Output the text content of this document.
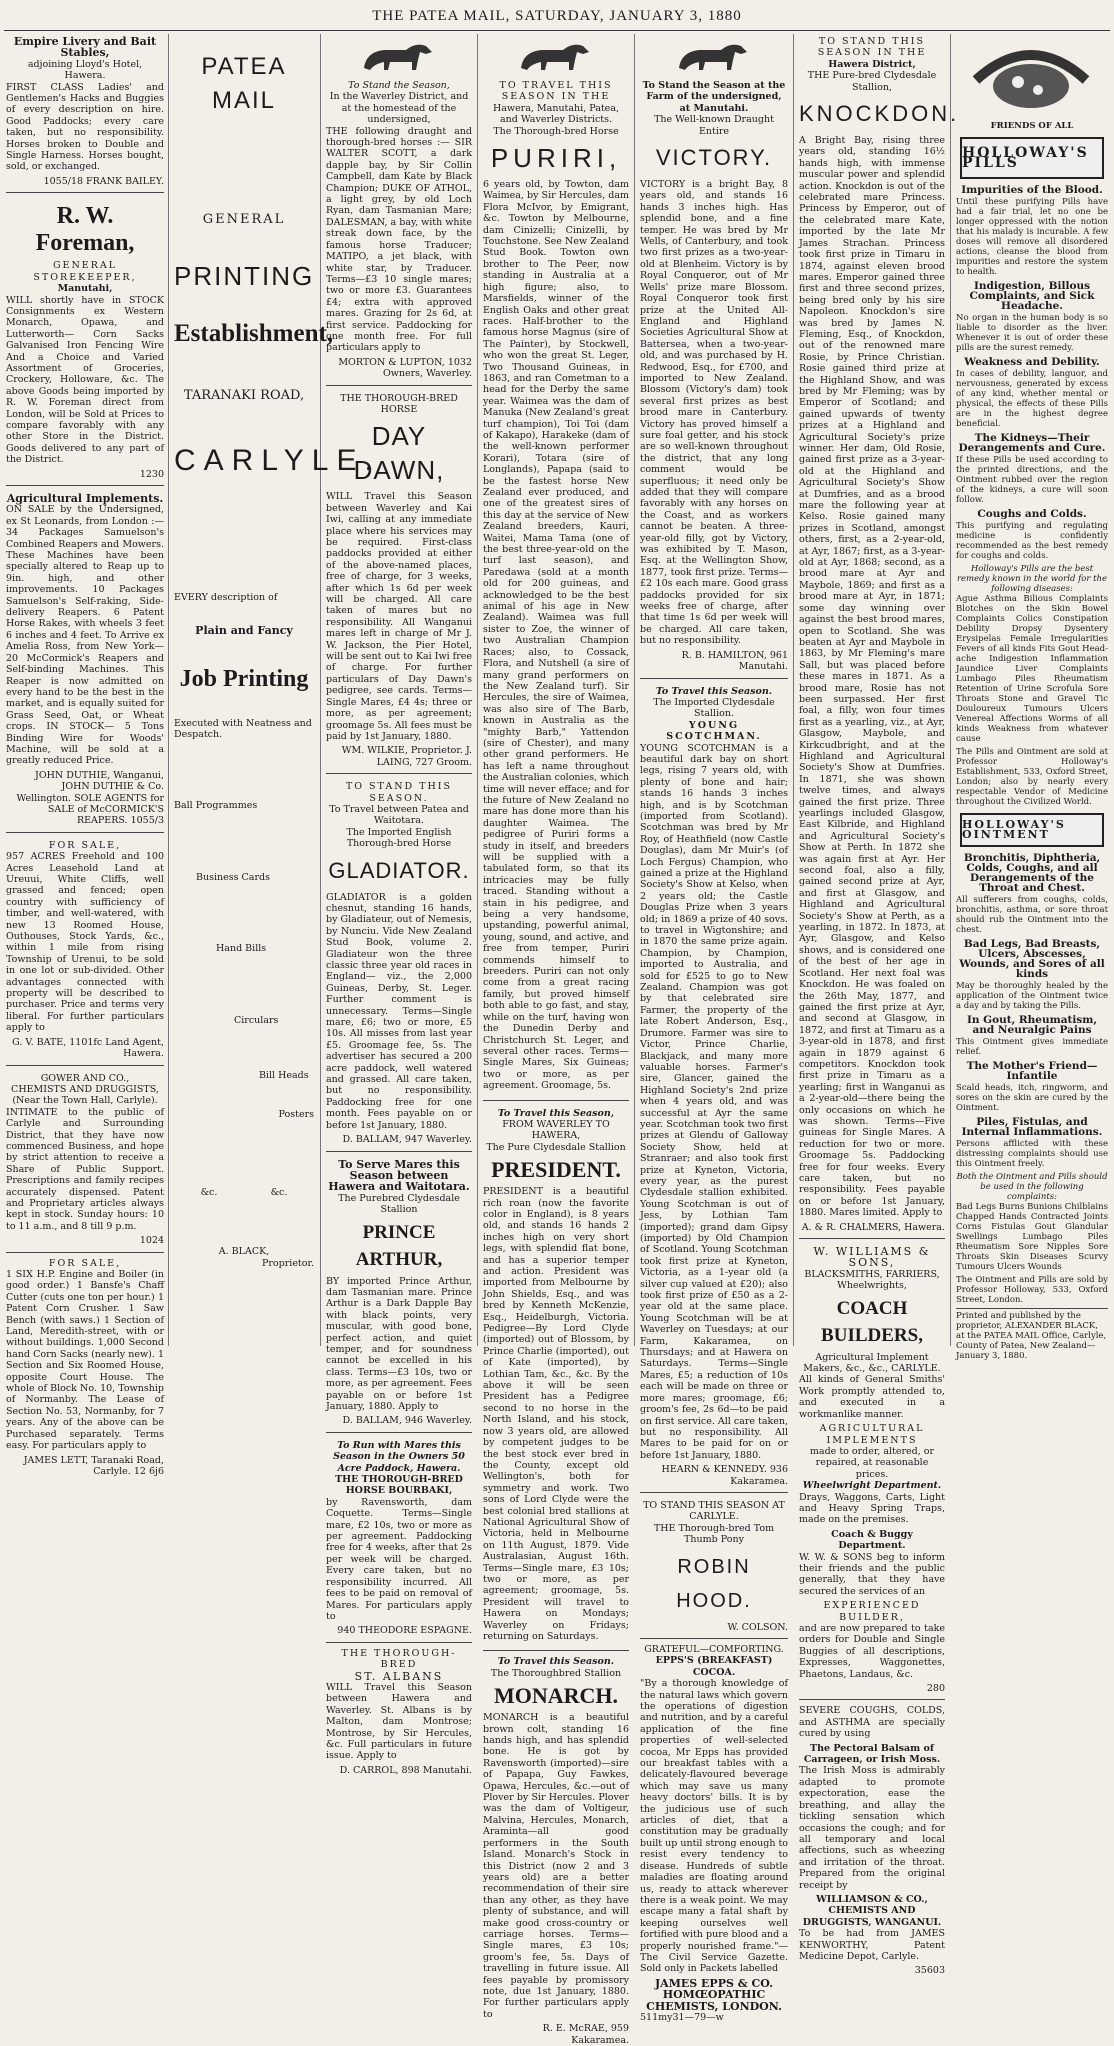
THE PATEA MAIL, SATURDAY, JANUARY 3, 1880
Empire Livery and Bait Stables,
adjoining Lloyd's Hotel, Hawera.

FIRST CLASS Ladies' and Gentlemen's Hacks and Buggies of every description on hire. Good Paddocks; every care taken, but no responsibility. Horses broken to Double and Single Harness. Horses bought, sold, or exchanged.

1055/18 FRANK BAILEY.
R. W. Foreman,
GENERAL STOREKEEPER,
Manutahi,

WILL shortly have in STOCK Consignments ex Western Monarch, Opawa, and Lutterworth— Corn Sacks Galvanised Iron Fencing Wire And a Choice and Varied Assortment of Groceries, Crockery, Holloware, &c. The above Goods being imported by R. W. Foreman direct from London, will be Sold at Prices to compare favorably with any other Store in the District. Goods delivered to any part of the District.

1230
Agricultural Implements.

ON SALE by the Undersigned, ex St Leonards, from London :— 34 Packages Samuelson's Combined Reapers and Mowers. These Machines have been specially altered to Reap up to 9in. high, and other improvements. 10 Packages Samuelson's Self-raking, Side-delivery Reapers. 6 Patent Horse Rakes, with wheels 3 feet 6 inches and 4 feet. To Arrive ex Amelia Ross, from New York— 20 McCormick's Reapers and Self-binding Machines. This Reaper is now admitted on every hand to be the best in the market, and is equally suited for Grass Seed, Oat, or Wheat crops. IN STOCK— 5 Tons Binding Wire for Woods' Machine, will be sold at a greatly reduced Price.

JOHN DUTHIE, Wanganui, JOHN DUTHIE & Co. Wellington. SOLE AGENTS for SALE of McCORMICK'S REAPERS. 1055/3
FOR SALE,

957 ACRES Freehold and 100 Acres Leasehold Land at Ureuui, White Cliffs, well grassed and fenced; open country with sufficiency of timber, and well-watered, with new 13 Roomed House, Outhouses, Stock Yards, &c., within 1 mile from rising Township of Urenui, to be sold in one lot or sub-divided. Other advantages connected with property will be described to purchaser. Price and terms very liberal. For further particulars apply to

G. V. BATE, 1101fc Land Agent, Hawera.
GOWER AND CO.,
CHEMISTS AND DRUGGISTS,
(Near the Town Hall, Carlyle).

INTIMATE to the public of Carlyle and Surrounding District, that they have now commenced Business, and hope by strict attention to receive a Share of Public Support. Prescriptions and family recipes accurately dispensed. Patent and Proprietary articles always kept in stock. Sunday hours: 10 to 11 a.m., and 8 till 9 p.m.

1024
FOR SALE,

1 SIX H.P. Engine and Boiler (in good order.) 1 Bansfe's Chaff Cutter (cuts one ton per hour.) 1 Patent Corn Crusher. 1 Saw Bench (with saws.) 1 Section of Land, Meredith-street, with or without buildings. 1,000 Second hand Corn Sacks (nearly new). 1 Section and Six Roomed House, opposite Court House. The whole of Block No. 10, Township of Normanby. The Lease of Section No. 53, Normanby, for 7 years. Any of the above can be Purchased separately. Terms easy. For particulars apply to

JAMES LETT, Taranaki Road, Carlyle. 12 6j6
PATEA MAIL
GENERAL
PRINTING
Establishment,
TARANAKI ROAD,
CARLYLE.
EVERY description of
Plain and Fancy
Job Printing
Executed with Neatness and Despatch.
Ball Programmes
Business Cards
Hand Bills
Circulars
Bill Heads
Posters
&c.	&c.
A. BLACK,
Proprietor.
To Stand the Season,
In the Waverley District, and at the homestead of the undersigned,

THE following draught and thorough-bred horses :— SIR WALTER SCOTT, a dark dapple bay, by Sir Collin Campbell, dam Kate by Black Champion; DUKE OF ATHOL, a light grey, by old Loch Ryan, dam Tasmanian Mare; DALESMAN, a bay, with white streak down face, by the famous horse Traducer; MATIPO, a jet black, with white star, by Traducer. Terms—£3 10 single mares; two or more £3. Guarantees £4; extra with approved mares. Grazing for 2s 6d, at first service. Paddocking for one month free. For full particulars apply to

MORTON & LUPTON, 1032 Owners, Waverley.
THE THOROUGH-BRED HORSE
DAY DAWN,

WILL Travel this Season between Waverley and Kai Iwi, calling at any immediate place where his services may be required. First-class paddocks provided at either of the above-named places, free of charge, for 3 weeks, after which 1s 6d per week will be charged. All care taken of mares but no responsibility. All Wanganui mares left in charge of Mr J. W. Jackson, the Pier Hotel, will be sent out to Kai Iwi free of charge. For further particulars of Day Dawn's pedigree, see cards. Terms—Single Mares, £4 4s; three or more, as per agreement; groomage 5s. All fees must be paid by 1st January, 1880.

WM. WILKIE, Proprietor. J. LAING, 727 Groom.
TO STAND THIS SEASON.
To Travel between Patea and Waitotara.
The Imported English Thorough-bred Horse
GLADIATOR.

GLADIATOR is a golden chesnut, standing 16 hands, by Gladiateur, out of Nemesis, by Nunciu. Vide New Zealand Stud Book, volume 2. Gladiateur won the three classic three year old races in England— viz., the 2,000 Guineas, Derby, St. Leger. Further comment is unnecessary. Terms—Single mare, £6; two or more, £5 10s. All misses from last year £5. Groomage fee, 5s. The advertiser has secured a 200 acre paddock, well watered and grassed. All care taken, but no responsibility. Paddocking free for one month. Fees payable on or before 1st January, 1880.

D. BALLAM, 947 Waverley.
To Serve Mares this Season between Hawera and Waitotara.
The Purebred Clydesdale Stallion
PRINCE ARTHUR,

BY imported Prince Arthur, dam Tasmanian mare. Prince Arthur is a Dark Dapple Bay with black points, very muscular, with good bone, perfect action, and quiet temper, and for soundness cannot be excelled in his class. Terms—£3 10s, two or more, as per agreement. Fees payable on or before 1st January, 1880. Apply to

D. BALLAM, 946 Waverley.
To Run with Mares this Season in the Owners 50 Acre Paddock, Hawera.
THE THOROUGH-BRED HORSE BOURBAKI,

by Ravensworth, dam Coquette. Terms—Single mare, £2 10s, two or more as per agreement. Paddocking free for 4 weeks, after that 2s per week will be charged. Every care taken, but no responsibility incurred. All fees to be paid on removal of Mares. For particulars apply to

940 THEODORE ESPAGNE.
THE THOROUGH-BRED
ST. ALBANS

WILL Travel this Season between Hawera and Waverley. St. Albans is by Malton, dam Montrose; Montrose, by Sir Hercules, &c. Full particulars in future issue. Apply to

D. CARROL, 898 Manutahi.
TO TRAVEL THIS SEASON IN THE
Hawera, Manutahi, Patea, and Waverley Districts.
The Thorough-bred Horse
PURIRI,

6 years old, by Towton, dam Waimea, by Sir Hercules, dam Flora McIvor, by Emigrant, &c. Towton by Melbourne, dam Cinizelli; Cinizelli, by Touchstone. See New Zealand Stud Book. Towton own brother to The Peer, now standing in Australia at a high figure; also, to Marsfields, winner of the English Oaks and other great races. Half-brother to the famous horse Magnus (sire of The Painter), by Stockwell, who won the great St. Leger, Two Thousand Guineas, in 1863, and ran Cometman to a head for the Derby the same year. Waimea was the dam of Manuka (New Zealand's great turf champion), Toi Toi (dam of Kakapo), Harakeke (dam of the well-known performer Korari), Totara (sire of Longlands), Papapa (said to be the fastest horse New Zealand ever produced, and one of the greatest sires of this day at the service of New Zealand breeders, Kauri, Waitei, Mama Tama (one of the best three-year-old on the turf last season), and Paredawa (sold at a month old for 200 guineas, and acknowledged to be the best animal of his age in New Zealand). Waimea was full sister to Zoe, the winner of two Australian Champion Races; also, to Cossack, Flora, and Nutshell (a sire of many grand performers on the New Zealand turf). Sir Hercules, the sire of Waimea, was also sire of The Barb, known in Australia as the "mighty Barb," Yattendon (sire of Chester), and many other grand performers. He has left a name throughout the Australian colonies, which time will never efface; and for the future of New Zealand no mare has done more than his daughter Waimea. The pedigree of Puriri forms a study in itself, and breeders will be supplied with a tabulated form, so that its intricacies may be fully traced. Standing without a stain in his pedigree, and being a very handsome, upstanding, powerful animal, young, sound, and active, and free from temper, Puriri commends himself to breeders. Puriri can not only come from a great racing family, but proved himself both able to go fast, and stay, while on the turf, having won the Dunedin Derby and Christchurch St. Leger, and several other races. Terms—Single Mares, Six Guineas; two or more, as per agreement. Groomage, 5s.

To Travel this Season,
FROM WAVERLEY TO HAWERA,
The Pure Clydesdale Stallion
PRESIDENT.

PRESIDENT is a beautiful rich roan (now the favorite color in England), is 8 years old, and stands 16 hands 2 inches high on very short legs, with splendid flat bone, and has a superior temper and action. President was imported from Melbourne by John Shields, Esq., and was bred by Kenneth McKenzie, Esq., Heidelburgh, Victoria. Pedigree—By Lord Clyde (imported) out of Blossom, by Prince Charlie (imported), out of Kate (imported), by Lothian Tam, &c., &c. By the above it will be seen President has a Pedigree second to no horse in the North Island, and his stock, now 3 years old, are allowed by competent judges to be the best stock ever bred in the County, except old Wellington's, both for symmetry and work. Two sons of Lord Clyde were the best colonial bred stallions at National Agricultural Show of Victoria, held in Melbourne on 11th August, 1879. Vide Australasian, August 16th. Terms—Single mare, £3 10s; two or more, as per agreement; groomage, 5s. President will travel to Hawera on Mondays; Waverley on Fridays; returning on Saturdays.

To Travel this Season.
The Thoroughbred Stallion
MONARCH.

MONARCH is a beautiful brown colt, standing 16 hands high, and has splendid bone. He is got by Ravensworth (imported)—sire of Papapa, Guy Fawkes, Opawa, Hercules, &c.—out of Plover by Sir Hercules. Plover was the dam of Voltigeur, Malvina, Hercules, Monarch, Araminta—all good performers in the South Island. Monarch's Stock in this District (now 2 and 3 years old) are a better recommendation of their sire than any other, as they have plenty of substance, and will make good cross-country or carriage horses. Terms—Single mares, £3 10s; groom's fee, 5s. Days of travelling in future issue. All fees payable by promissory note, due 1st January, 1880. For further particulars apply to

R. E. McRAE, 959 Kakaramea.
To Stand the Season at the Farm of the undersigned, at Manutahi.
The Well-known Draught Entire
VICTORY.

VICTORY is a bright Bay, 8 years old, and stands 16 hands 3 inches high. Has splendid bone, and a fine temper. He was bred by Mr Wells, of Canterbury, and took two first prizes as a two-year-old at Blenheim. Victory is by Royal Conqueror, out of Mr Wells' prize mare Blossom. Royal Conqueror took first prize at the United All-England and Highland Societies Agricultural Show at Battersea, when a two-year-old, and was purchased by H. Redwood, Esq., for £700, and imported to New Zealand. Blossom (Victory's dam) took several first prizes as best brood mare in Canterbury. Victory has proved himself a sure foal getter, and his stock are so well-known throughout the district, that any long comment would be superfluous; it need only be added that they will compare favorably with any horses on the Coast, and as workers cannot be beaten. A three-year-old filly, got by Victory, was exhibited by T. Mason, Esq. at the Wellington Show, 1877, took first prize. Terms—£2 10s each mare. Good grass paddocks provided for six weeks free of charge, after that time 1s 6d per week will be charged. All care taken, but no responsibility.

R. B. HAMILTON, 961 Manutahi.
To Travel this Season.
The Imported Clydesdale Stallion.
YOUNG SCOTCHMAN.

YOUNG SCOTCHMAN is a beautiful dark bay on short legs, rising 7 years old, with plenty of bone and hair; stands 16 hands 3 inches high, and is by Scotchman (imported from Scotland). Scotchman was bred by Mr Roy, of Heathfield (now Castle Douglas), dam Mr Muir's (of Loch Fergus) Champion, who gained a prize at the Highland Society's Show at Kelso, when 2 years old; the Castle Douglas Prize when 3 years old; in 1869 a prize of 40 sovs. to travel in Wigtonshire; and in 1870 the same prize again. Champion, by Champion, imported to Australia, and sold for £525 to go to New Zealand. Champion was got by that celebrated sire Farmer, the property of the late Robert Anderson, Esq., Drumore. Farmer was sire to Victor, Prince Charlie, Blackjack, and many more valuable horses. Farmer's sire, Glancer, gained the Highland Society's 2nd prize when 4 years old, and was successful at Ayr the same year. Scotchman took two first prizes at Glendu of Galloway Society Show, held at Stranraer; and also took first prize at Kyneton, Victoria, every year, as the purest Clydesdale stallion exhibited. Young Scotchman is out of Jess, by Lothian Tam (imported); grand dam Gipsy (imported) by Old Champion of Scotland. Young Scotchman took first prize at Kyneton, Victoria, as a 1-year old (a silver cup valued at £20); also took first prize of £50 as a 2-year old at the same place. Young Scotchman will be at Waverley on Tuesdays; at our Farm, Kakaramea, on Thursdays; and at Hawera on Saturdays. Terms—Single Mares, £5; a reduction of 10s each will be made on three or more mares; groomage, £6; groom's fee, 2s 6d—to be paid on first service. All care taken, but no responsibility. All Mares to be paid for on or before 1st January, 1880.

HEARN & KENNEDY. 936 Kakaramea.
TO STAND THIS SEASON AT CARLYLE.
THE Thorough-bred Tom Thumb Pony
ROBIN HOOD.
W. COLSON.
GRATEFUL—COMFORTING.
EPPS'S (BREAKFAST) COCOA.

"By a thorough knowledge of the natural laws which govern the operations of digestion and nutrition, and by a careful application of the fine properties of well-selected cocoa, Mr Epps has provided our breakfast tables with a delicately-flavoured beverage which may save us many heavy doctors' bills. It is by the judicious use of such articles of diet, that a constitution may be gradually built up until strong enough to resist every tendency to disease. Hundreds of subtle maladies are floating around us, ready to attack wherever there is a weak point. We may escape many a fatal shaft by keeping ourselves well fortified with pure blood and a properly nourished frame."—The Civil Service Gazette. Sold only in Packets labelled

JAMES EPPS & CO. HOMŒOPATHIC CHEMISTS, LONDON.
511my31—79—w
TO STAND THIS SEASON IN THE
Hawera District,
THE Pure-bred Clydesdale Stallion,
KNOCKDON.

A Bright Bay, rising three years old, standing 16½ hands high, with immense muscular power and splendid action. Knockdon is out of the celebrated mare Princess. Princess by Emperor, out of the celebrated mare Kate, imported by the late Mr James Strachan. Princess took first prize in Timaru in 1874, against eleven brood mares. Emperor gained three first and three second prizes, being bred only by his sire Napoleon. Knockdon's sire was bred by James N. Fleming, Esq., of Knockdon, out of the renowned mare Rosie, by Prince Christian. Rosie gained third prize at the Highland Show, and was bred by Mr Fleming; was by Emperor of Scotland; and gained upwards of twenty prizes at a Highland and Agricultural Society's prize winner. Her dam, Old Rosie, gained first prize as a 3-year-old at the Highland and Agricultural Society's Show at Dumfries, and as a brood mare the following year at Kelso. Rosie gained many prizes in Scotland, amongst others, first, as a 2-year-old, at Ayr, 1867; first, as a 3-year-old at Ayr, 1868; second, as a brood mare at Ayr and Maybole, 1869; and first as a brood mare at Ayr, in 1871; some day winning over against the best brood mares, open to Scotland. She was beaten at Ayr and Maybole in 1863, by Mr Fleming's mare Sall, but was placed before these mares in 1871. As a brood mare, Rosie has not been surpassed. Her first foal, a filly, won four times first as a yearling, viz., at Ayr, Glasgow, Maybole, and Kirkcudbright, and at the Highland and Agricultural Society's Show at Dumfries. In 1871, she was shown twelve times, and always gained the first prize. Three yearlings included Glasgow, East Kilbride, and Highland and Agricultural Society's Show at Perth. In 1872 she was again first at Ayr. Her second foal, also a filly, gained second prize at Ayr, and first at Glasgow, and Highland and Agricultural Society's Show at Perth, as a yearling, in 1872. In 1873, at Ayr, Glasgow, and Kelso shows, and is considered one of the best of her age in Scotland. Her next foal was Knockdon. He was foaled on the 26th May, 1877, and gained the first prize at Ayr, and second at Glasgow, in 1872, and first at Timaru as a 3-year-old in 1878, and first again in 1879 against 6 competitors. Knockdon took first prize in Timaru as a yearling; first in Wanganui as a 2-year-old—there being the only occasions on which he was shown. Terms—Five guineas for Single Mares. A reduction for two or more. Groomage 5s. Paddocking free for four weeks. Every care taken, but no responsibility. Fees payable on or before 1st January, 1880. Mares limited. Apply to

A. & R. CHALMERS, Hawera.
W. WILLIAMS & SONS,
BLACKSMITHS, FARRIERS, Wheelwrights,
COACH BUILDERS,
Agricultural Implement Makers, &c., &c., CARLYLE.

All kinds of General Smiths' Work promptly attended to, and executed in a workmanlike manner.

AGRICULTURAL IMPLEMENTS
made to order, altered, or repaired, at reasonable prices.
Wheelwright Department.

Drays, Waggons, Carts, Light and Heavy Spring Traps, made on the premises.

Coach & Buggy Department.

W. W. & SONS beg to inform their friends and the public generally, that they have secured the services of an

EXPERIENCED BUILDER,

and are now prepared to take orders for Double and Single Buggies of all descriptions, Expresses, Waggonettes, Phaetons, Landaus, &c.

280

SEVERE COUGHS, COLDS, and ASTHMA are specially cured by using

The Pectoral Balsam of Carrageen, or Irish Moss.

The Irish Moss is admirably adapted to promote expectoration, ease the breathing, and allay the tickling sensation which occasions the cough; and for all temporary and local affections, such as wheezing and irritation of the throat. Prepared from the original receipt by

WILLIAMSON & CO., CHEMISTS AND DRUGGISTS, WANGANUI.

To be had from JAMES KENWORTHY, Patent Medicine Depot, Carlyle.

35603
FRIENDS OF ALL
HOLLOWAY'S PILLS
Impurities of the Blood.

Until these purifying Pills have had a fair trial, let no one be longer oppressed with the notion that his malady is incurable. A few doses will remove all disordered actions, cleanse the blood from impurities and restore the system to health.

Indigestion, Billous Complaints, and Sick Headache.

No organ in the human body is so liable to disorder as the liver. Whenever it is out of order these pills are the surest remedy.

Weakness and Debility.

In cases of debility, languor, and nervousness, generated by excess of any kind, whether mental or physical, the effects of these Pills are in the highest degree beneficial.

The Kidneys—Their Derangements and Cure.

If these Pills be used according to the printed directions, and the Ointment rubbed over the region of the kidneys, a cure will soon follow.

Coughs and Colds.

This purifying and regulating medicine is confidently recommended as the best remedy for coughs and colds.

Holloway's Pills are the best remedy known in the world for the following diseases:

Ague Asthma Bilious Complaints Blotches on the Skin Bowel Complaints Colics Constipation Debility Dropsy Dysentery Erysipelas Female Irregularities Fevers of all kinds Fits Gout Head-ache Indigestion Inflammation Jaundice Liver Complaints Lumbago Piles Rheumatism Retention of Urine Scrofula Sore Throats Stone and Gravel Tic Douloureux Tumours Ulcers Venereal Affections Worms of all kinds Weakness from whatever cause

The Pills and Ointment are sold at Professor Holloway's Establishment, 533, Oxford Street, London; also by nearly every respectable Vendor of Medicine throughout the Civilized World.

HOLLOWAY'S OINTMENT
Bronchitis, Diphtheria, Colds, Coughs, and all Derangements of the Throat and Chest.

All sufferers from coughs, colds, bronchitis, asthma, or sore throat should rub the Ointment into the chest.

Bad Legs, Bad Breasts, Ulcers, Abscesses, Wounds, and Sores of all kinds

May be thoroughly healed by the application of the Ointment twice a day and by taking the Pills.

In Gout, Rheumatism, and Neuralgic Pains

This Ointment gives immediate relief.

The Mother's Friend—Infantile

Scald heads, itch, ringworm, and sores on the skin are cured by the Ointment.

Piles, Fistulas, and Internal Inflammations.

Persons afflicted with these distressing complaints should use this Ointment freely.

Both the Ointment and Pills should be used in the following complaints:

Bad Legs Burns Bunions Chilblains Chapped Hands Contracted Joints Corns Fistulas Gout Glandular Swellings Lumbago Piles Rheumatism Sore Nipples Sore Throats Skin Diseases Scurvy Tumours Ulcers Wounds

The Ointment and Pills are sold by Professor Holloway, 533, Oxford Street, London.

Printed and published by the proprietor, ALEXANDER BLACK, at the PATEA MAIL Office, Carlyle, County of Patea, New Zealand—January 3, 1880.
